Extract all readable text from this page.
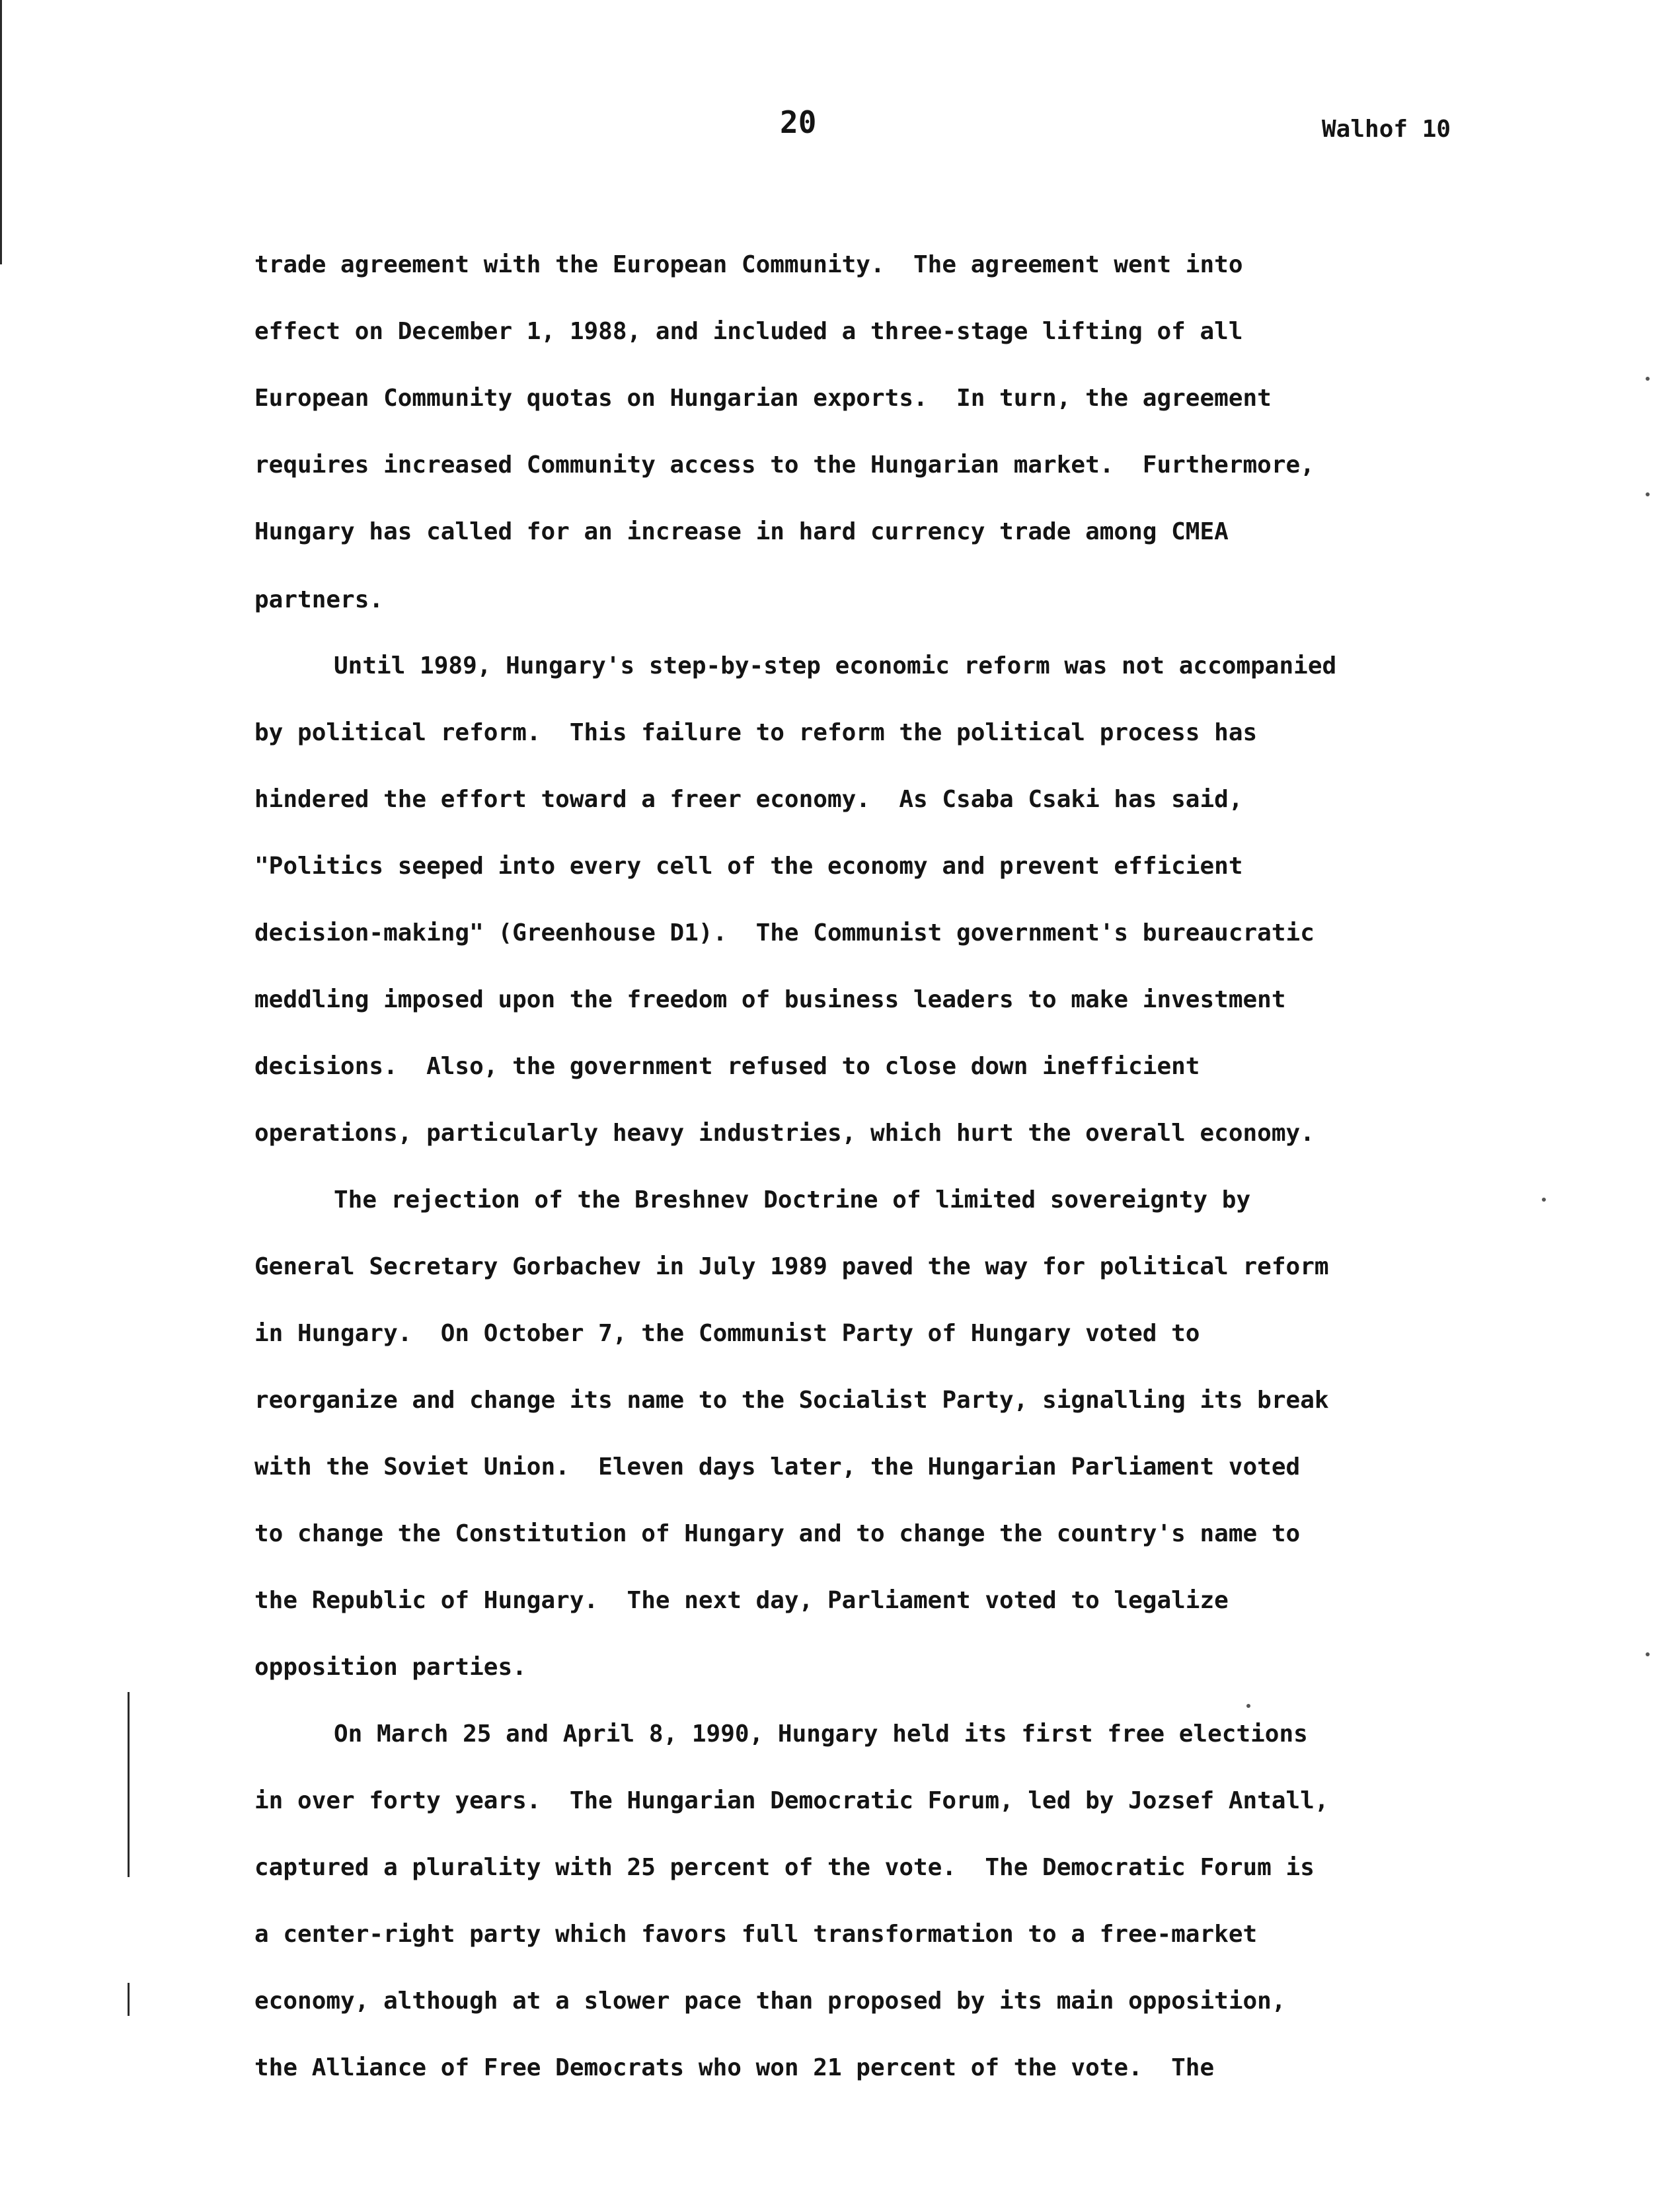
20	Walhof 10
trade agreement with the European Community.  The agreement went into
effect on December 1, 1988, and included a three-stage lifting of all
European Community quotas on Hungarian exports.  In turn, the agreement
requires increased Community access to the Hungarian market.  Furthermore,
Hungary has called for an increase in hard currency trade among CMEA
partners.
Until 1989, Hungary's step-by-step economic reform was not accompanied
by political reform.  This failure to reform the political process has
hindered the effort toward a freer economy.  As Csaba Csaki has said,
"Politics seeped into every cell of the economy and prevent efficient
decision-making" (Greenhouse D1).  The Communist government's bureaucratic
meddling imposed upon the freedom of business leaders to make investment
decisions.  Also, the government refused to close down inefficient
operations, particularly heavy industries, which hurt the overall economy.
The rejection of the Breshnev Doctrine of limited sovereignty by
General Secretary Gorbachev in July 1989 paved the way for political reform
in Hungary.  On October 7, the Communist Party of Hungary voted to
reorganize and change its name to the Socialist Party, signalling its break
with the Soviet Union.  Eleven days later, the Hungarian Parliament voted
to change the Constitution of Hungary and to change the country's name to
the Republic of Hungary.  The next day, Parliament voted to legalize
opposition parties.
On March 25 and April 8, 1990, Hungary held its first free elections
in over forty years.  The Hungarian Democratic Forum, led by Jozsef Antall,
captured a plurality with 25 percent of the vote.  The Democratic Forum is
a center-right party which favors full transformation to a free-market
economy, although at a slower pace than proposed by its main opposition,
the Alliance of Free Democrats who won 21 percent of the vote.  The
